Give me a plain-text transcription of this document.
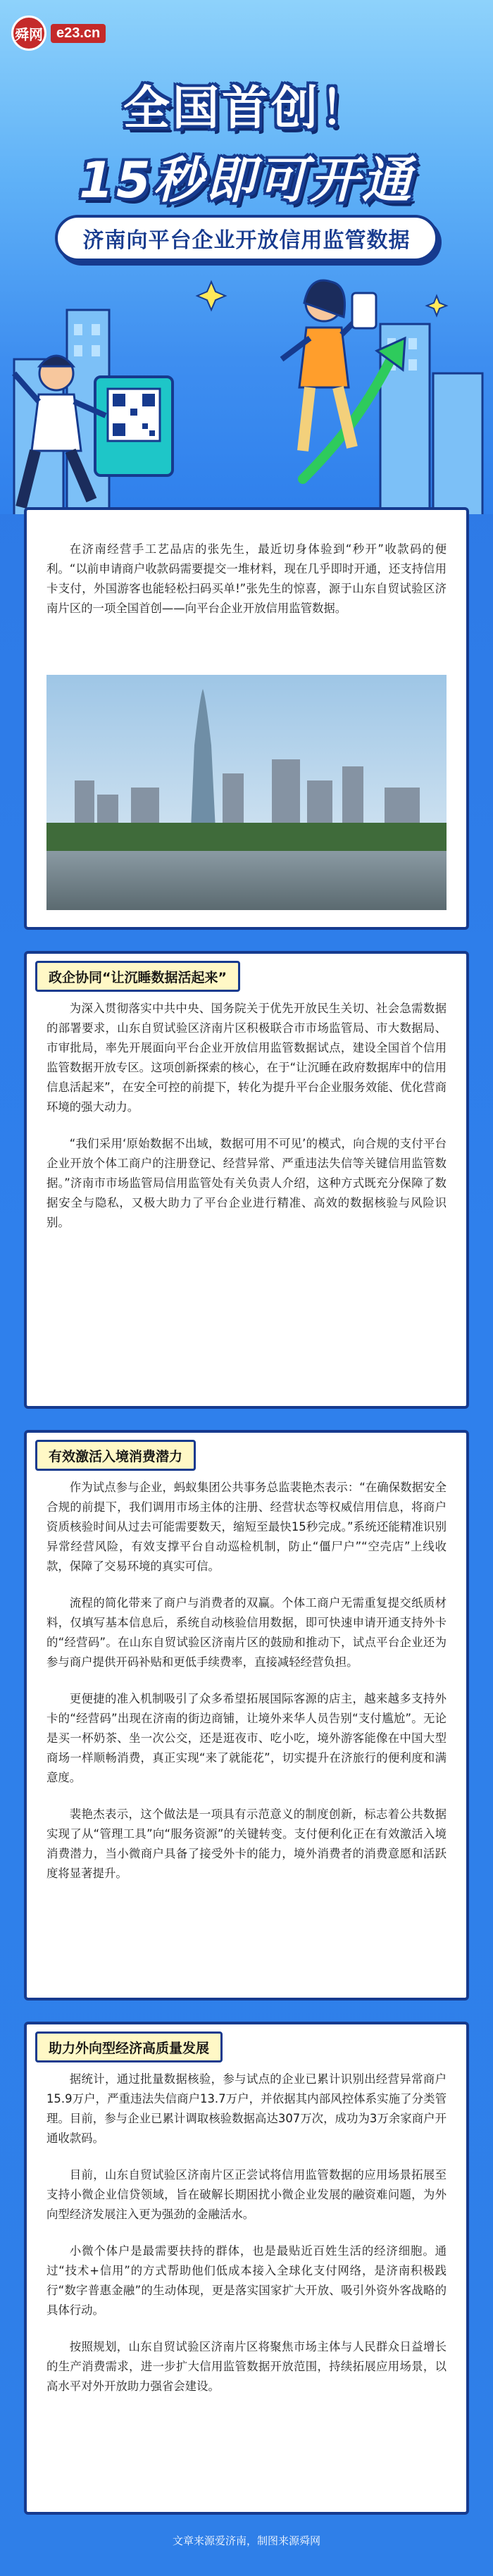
舜网 e23.cn
全国首创！
15秒即可开通
济南向平台企业开放信用监管数据

在济南经营手工艺品店的张先生，最近切身体验到“秒开”收款码的便利。“以前申请商户收款码需要提交一堆材料，现在几乎即时开通，还支持信用卡支付，外国游客也能轻松扫码买单!”张先生的惊喜，源于山东自贸试验区济南片区的一项全国首创——向平台企业开放信用监管数据。

政企协同“让沉睡数据活起来”

为深入贯彻落实中共中央、国务院关于优先开放民生关切、社会急需数据的部署要求，山东自贸试验区济南片区积极联合市市场监管局、市大数据局、市审批局，率先开展面向平台企业开放信用监管数据试点，建设全国首个信用监管数据开放专区。这项创新探索的核心，在于“让沉睡在政府数据库中的信用信息活起来”，在安全可控的前提下，转化为提升平台企业服务效能、优化营商环境的强大动力。

“我们采用‘原始数据不出域，数据可用不可见’的模式，向合规的支付平台企业开放个体工商户的注册登记、经营异常、严重违法失信等关键信用监管数据。”济南市市场监管局信用监管处有关负责人介绍，这种方式既充分保障了数据安全与隐私，又极大助力了平台企业进行精准、高效的数据核验与风险识别。

有效激活入境消费潜力

作为试点参与企业，蚂蚁集团公共事务总监裴艳杰表示：“在确保数据安全合规的前提下，我们调用市场主体的注册、经营状态等权威信用信息，将商户资质核验时间从过去可能需要数天，缩短至最快15秒完成。”系统还能精准识别异常经营风险，有效支撑平台自动巡检机制，防止“僵尸户”“空壳店”上线收款，保障了交易环境的真实可信。

流程的简化带来了商户与消费者的双赢。个体工商户无需重复提交纸质材料，仅填写基本信息后，系统自动核验信用数据，即可快速申请开通支持外卡的“经营码”。在山东自贸试验区济南片区的鼓励和推动下，试点平台企业还为参与商户提供开码补贴和更低手续费率，直接减轻经营负担。

更便捷的准入机制吸引了众多希望拓展国际客源的店主，越来越多支持外卡的“经营码”出现在济南的街边商铺，让境外来华人员告别“支付尴尬”。无论是买一杯奶茶、坐一次公交，还是逛夜市、吃小吃，境外游客能像在中国大型商场一样顺畅消费，真正实现“来了就能花”，切实提升在济旅行的便利度和满意度。

裴艳杰表示，这个做法是一项具有示范意义的制度创新，标志着公共数据实现了从“管理工具”向“服务资源”的关键转变。支付便利化正在有效激活入境消费潜力，当小微商户具备了接受外卡的能力，境外消费者的消费意愿和活跃度将显著提升。

助力外向型经济高质量发展

据统计，通过批量数据核验，参与试点的企业已累计识别出经营异常商户15.9万户，严重违法失信商户13.7万户，并依据其内部风控体系实施了分类管理。目前，参与企业已累计调取核验数据高达307万次，成功为3万余家商户开通收款码。

目前，山东自贸试验区济南片区正尝试将信用监管数据的应用场景拓展至支持小微企业信贷领域，旨在破解长期困扰小微企业发展的融资难问题，为外向型经济发展注入更为强劲的金融活水。

小微个体户是最需要扶持的群体，也是最贴近百姓生活的经济细胞。通过“技术+信用”的方式帮助他们低成本接入全球化支付网络，是济南积极践行“数字普惠金融”的生动体现，更是落实国家扩大开放、吸引外资外客战略的具体行动。

按照规划，山东自贸试验区济南片区将聚焦市场主体与人民群众日益增长的生产消费需求，进一步扩大信用监管数据开放范围，持续拓展应用场景，以高水平对外开放助力强省会建设。

文章来源爱济南，制图来源舜网
